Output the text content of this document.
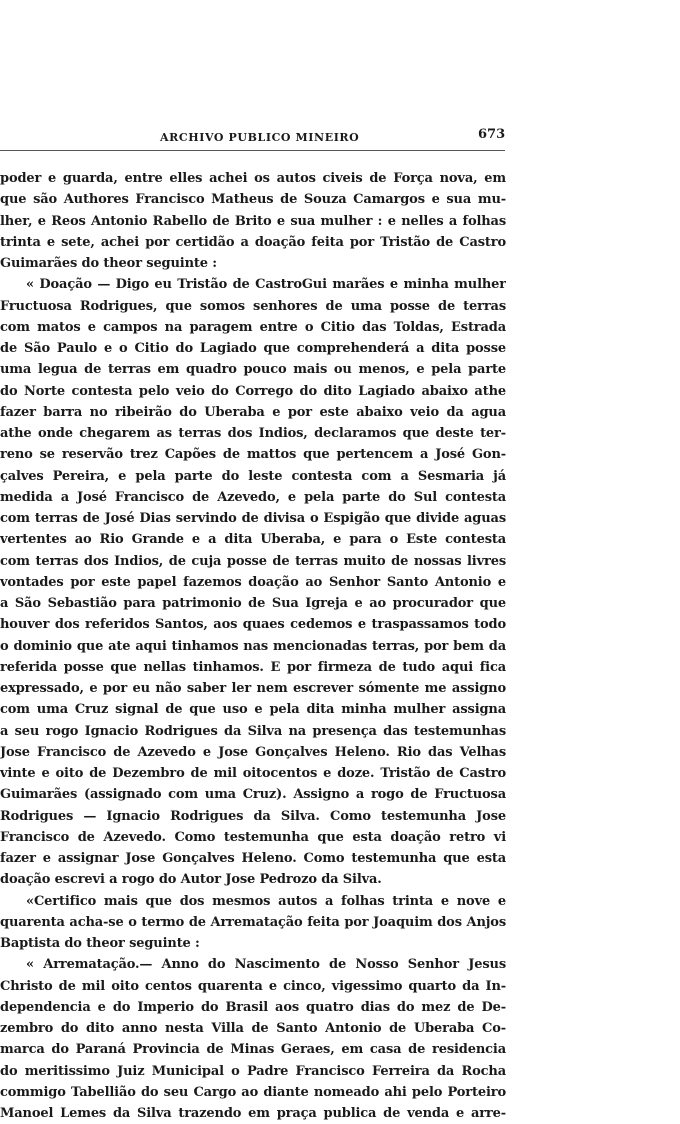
ARCHIVO PUBLICO MINEIRO	673
poder e guarda, entre elles achei os autos civeis de Força nova, em
que são Authores Francisco Matheus de Souza Camargos e sua mu-
lher, e Reos Antonio Rabello de Brito e sua mulher : e nelles a folhas
trinta e sete, achei por certidão a doação feita por Tristão de Castro
Guimarães do theor seguinte :
« Doação — Digo eu Tristão de CastroGui marães e minha mulher
Fructuosa Rodrigues, que somos senhores de uma posse de terras
com matos e campos na paragem entre o Citio das Toldas, Estrada
de São Paulo e o Citio do Lagiado que comprehenderá a dita posse
uma legua de terras em quadro pouco mais ou menos, e pela parte
do Norte contesta pelo veio do Corrego do dito Lagiado abaixo athe
fazer barra no ribeirão do Uberaba e por este abaixo veio da agua
athe onde chegarem as terras dos Indios, declaramos que deste ter-
reno se reservão trez Capões de mattos que pertencem a José Gon-
çalves Pereira, e pela parte do leste contesta com a Sesmaria já
medida a José Francisco de Azevedo, e pela parte do Sul contesta
com terras de José Dias servindo de divisa o Espigão que divide aguas
vertentes ao Rio Grande e a dita Uberaba, e para o Este contesta
com terras dos Indios, de cuja posse de terras muito de nossas livres
vontades por este papel fazemos doação ao Senhor Santo Antonio e
a São Sebastião para patrimonio de Sua Igreja e ao procurador que
houver dos referidos Santos, aos quaes cedemos e traspassamos todo
o dominio que ate aqui tinhamos nas mencionadas terras, por bem da
referida posse que nellas tinhamos. E por firmeza de tudo aqui fica
expressado, e por eu não saber ler nem escrever sómente me assigno
com uma Cruz signal de que uso e pela dita minha mulher assigna
a seu rogo Ignacio Rodrigues da Silva na presença das testemunhas
Jose Francisco de Azevedo e Jose Gonçalves Heleno. Rio das Velhas
vinte e oito de Dezembro de mil oitocentos e doze. Tristão de Castro
Guimarães (assignado com uma Cruz). Assigno a rogo de Fructuosa
Rodrigues — Ignacio Rodrigues da Silva. Como testemunha Jose
Francisco de Azevedo. Como testemunha que esta doação retro vi
fazer e assignar Jose Gonçalves Heleno. Como testemunha que esta
doação escrevi a rogo do Autor Jose Pedrozo da Silva.
«Certifico mais que dos mesmos autos a folhas trinta e nove e
quarenta acha-se o termo de Arrematação feita por Joaquim dos Anjos
Baptista do theor seguinte :
« Arrematação.— Anno do Nascimento de Nosso Senhor Jesus
Christo de mil oito centos quarenta e cinco, vigessimo quarto da In-
dependencia e do Imperio do Brasil aos quatro dias do mez de De-
zembro do dito anno nesta Villa de Santo Antonio de Uberaba Co-
marca do Paraná Provincia de Minas Geraes, em casa de residencia
do meritissimo Juiz Municipal o Padre Francisco Ferreira da Rocha
commigo Tabellião do seu Cargo ao diante nomeado ahi pelo Porteiro
Manoel Lemes da Silva trazendo em praça publica de venda e arre-
